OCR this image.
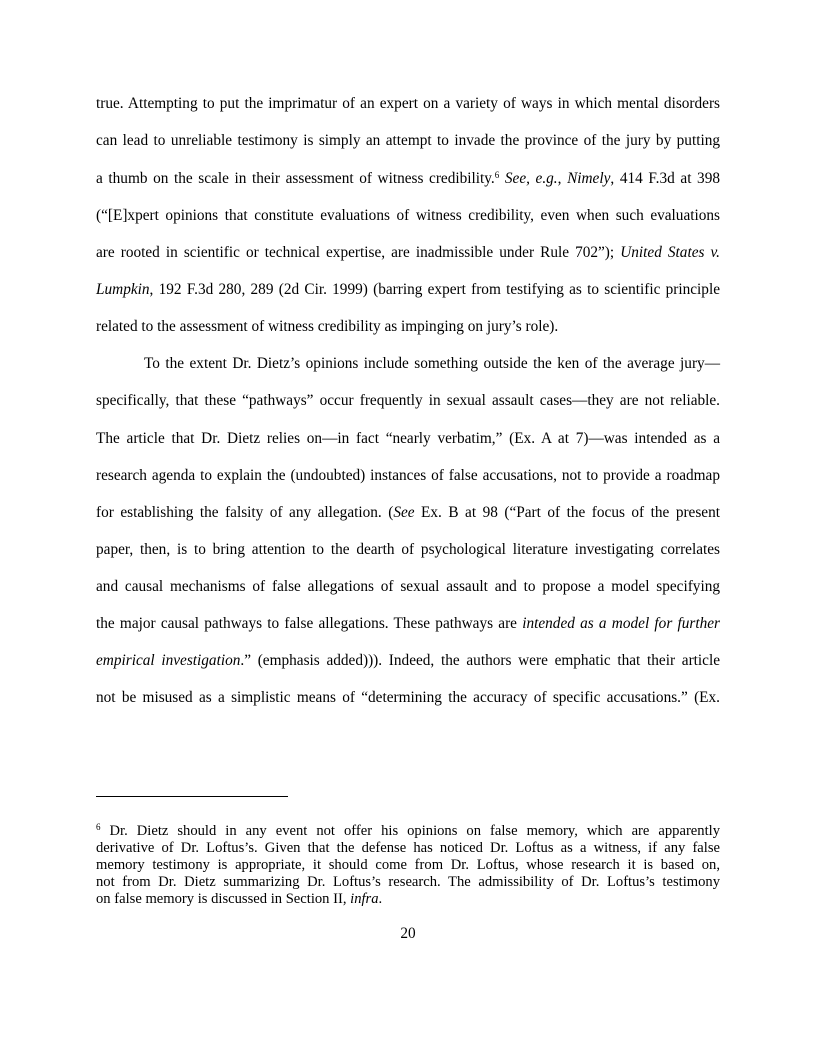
true. Attempting to put the imprimatur of an expert on a variety of ways in which mental disorders
can lead to unreliable testimony is simply an attempt to invade the province of the jury by putting
a thumb on the scale in their assessment of witness credibility.$^6$ See, e.g., Nimely, 414 F.3d at 398
(“[E]xpert opinions that constitute evaluations of witness credibility, even when such evaluations
are rooted in scientific or technical expertise, are inadmissible under Rule 702”); United States v.
Lumpkin, 192 F.3d 280, 289 (2d Cir. 1999) (barring expert from testifying as to scientific principle
related to the assessment of witness credibility as impinging on jury’s role).
To the extent Dr. Dietz’s opinions include something outside the ken of the average jury—
specifically, that these “pathways” occur frequently in sexual assault cases—they are not reliable.
The article that Dr. Dietz relies on—in fact “nearly verbatim,” (Ex. A at 7)—was intended as a
research agenda to explain the (undoubted) instances of false accusations, not to provide a roadmap
for establishing the falsity of any allegation. (See Ex. B at 98 (“Part of the focus of the present
paper, then, is to bring attention to the dearth of psychological literature investigating correlates
and causal mechanisms of false allegations of sexual assault and to propose a model specifying
the major causal pathways to false allegations. These pathways are intended as a model for further
empirical investigation.” (emphasis added))). Indeed, the authors were emphatic that their article
not be misused as a simplistic means of “determining the accuracy of specific accusations.” (Ex.
$^6$ Dr. Dietz should in any event not offer his opinions on false memory, which are apparently
derivative of Dr. Loftus’s. Given that the defense has noticed Dr. Loftus as a witness, if any false
memory testimony is appropriate, it should come from Dr. Loftus, whose research it is based on,
not from Dr. Dietz summarizing Dr. Loftus’s research. The admissibility of Dr. Loftus’s testimony
on false memory is discussed in Section II, infra.
20
